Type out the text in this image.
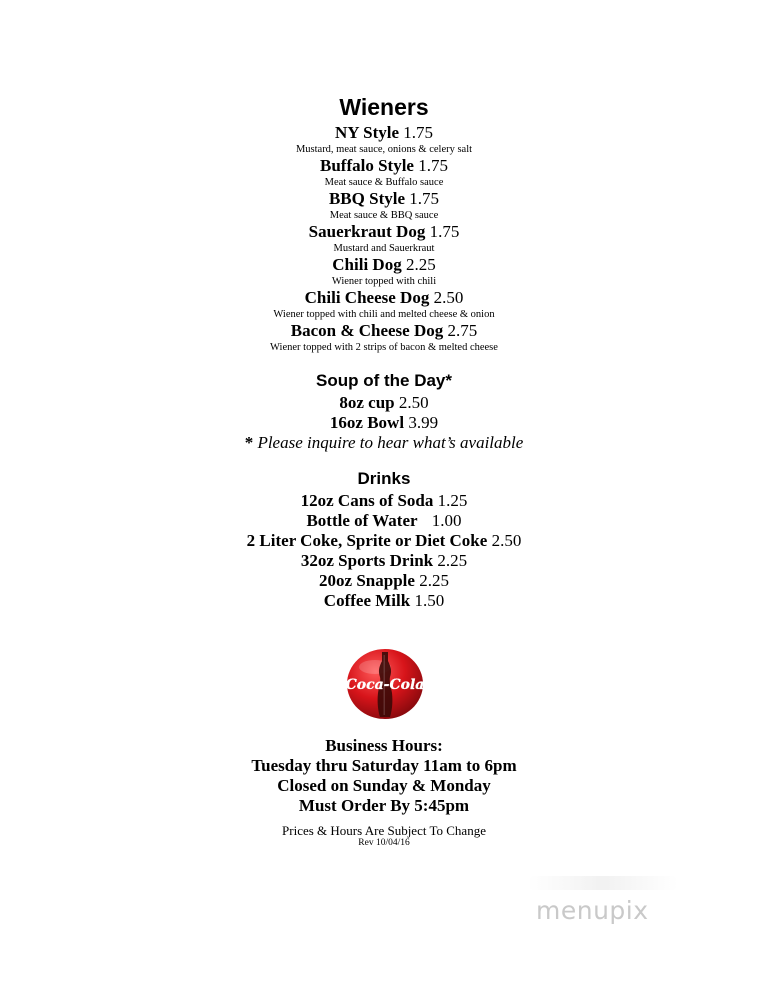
Wieners
NY Style 1.75
Mustard, meat sauce, onions & celery salt
Buffalo Style 1.75
Meat sauce & Buffalo sauce
BBQ Style 1.75
Meat sauce & BBQ sauce
Sauerkraut Dog 1.75
Mustard and Sauerkraut
Chili Dog 2.25
Wiener topped with chili
Chili Cheese Dog 2.50
Wiener topped with chili and melted cheese & onion
Bacon & Cheese Dog 2.75
Wiener topped with 2 strips of bacon & melted cheese
Soup of the Day*
8oz cup 2.50
16oz Bowl 3.99
* Please inquire to hear what’s available
Drinks
12oz Cans of Soda 1.25
Bottle of Water 1.00
2 Liter Coke, Sprite or Diet Coke 2.50
32oz Sports Drink 2.25
20oz Snapple 2.25
Coffee Milk 1.50
Coca-Cola
Business Hours:
Tuesday thru Saturday 11am to 6pm
Closed on Sunday & Monday
Must Order By 5:45pm
Prices & Hours Are Subject To Change
Rev 10/04/16
menupix
